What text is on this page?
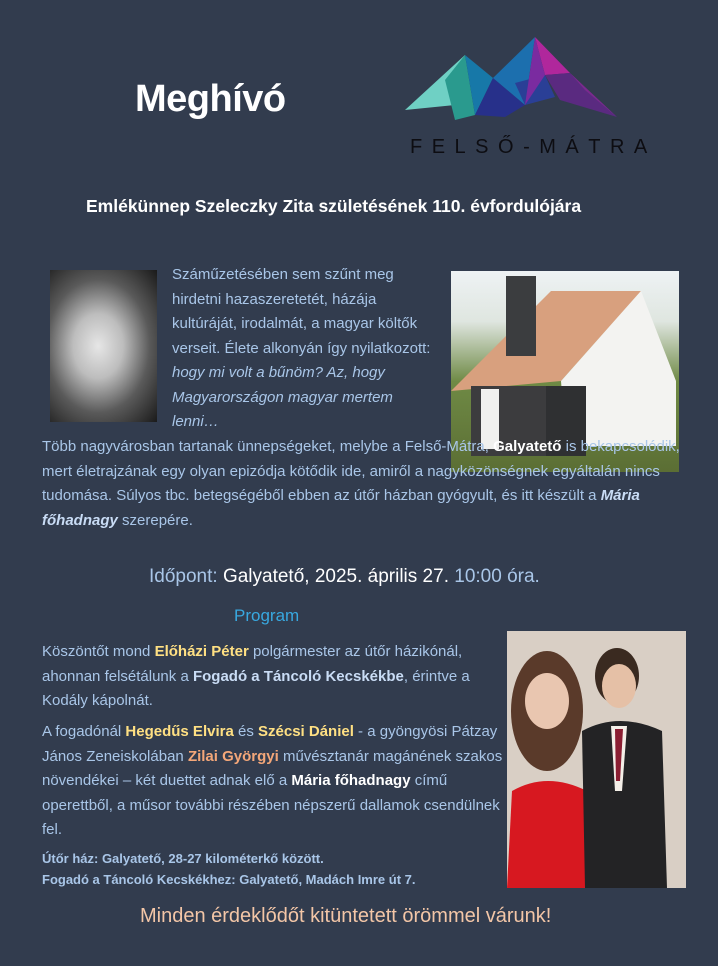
Meghívó
FELSŐ-MÁTRA
Emlékünnep Szeleczky Zita születésének 110. évfordulójára
Száműzetésében sem szűnt meg hirdetni hazaszeretetét, házája kultúráját, irodalmát, a magyar költők verseit. Élete alkonyán így nyilatkozott: hogy mi volt a bűnöm? Az, hogy Magyarországon magyar mertem lenni…
Több nagyvárosban tartanak ünnepségeket, melybe a Felső-Mátra, Galyatető is bekapcsolódik, mert életrajzának egy olyan epizódja kötődik ide, amiről a nagyközönségnek egyáltalán nincs tudomása. Súlyos tbc. betegségéből ebben az útőr házban gyógyult, és itt készült a Mária főhadnagy szerepére.
Időpont: Galyatető, 2025. április 27. 10:00 óra.
Program
Köszöntőt mond Előházi Péter polgármester az útőr házikónál, ahonnan felsétálunk a Fogadó a Táncoló Kecskékbe, érintve a Kodály kápolnát.
A fogadónál Hegedűs Elvira és Szécsi Dániel - a gyöngyösi Pátzay János Zeneiskolában Zilai Györgyi művésztanár magánének szakos növendékei – két duettet adnak elő a Mária főhadnagy című operettből, a műsor további részében népszerű dallamok csendülnek fel.
Útőr ház: Galyatető, 28-27 kilométerkő között.
Fogadó a Táncoló Kecskékhez: Galyatető, Madách Imre út 7.
Minden érdeklődőt kitüntetett örömmel várunk!
